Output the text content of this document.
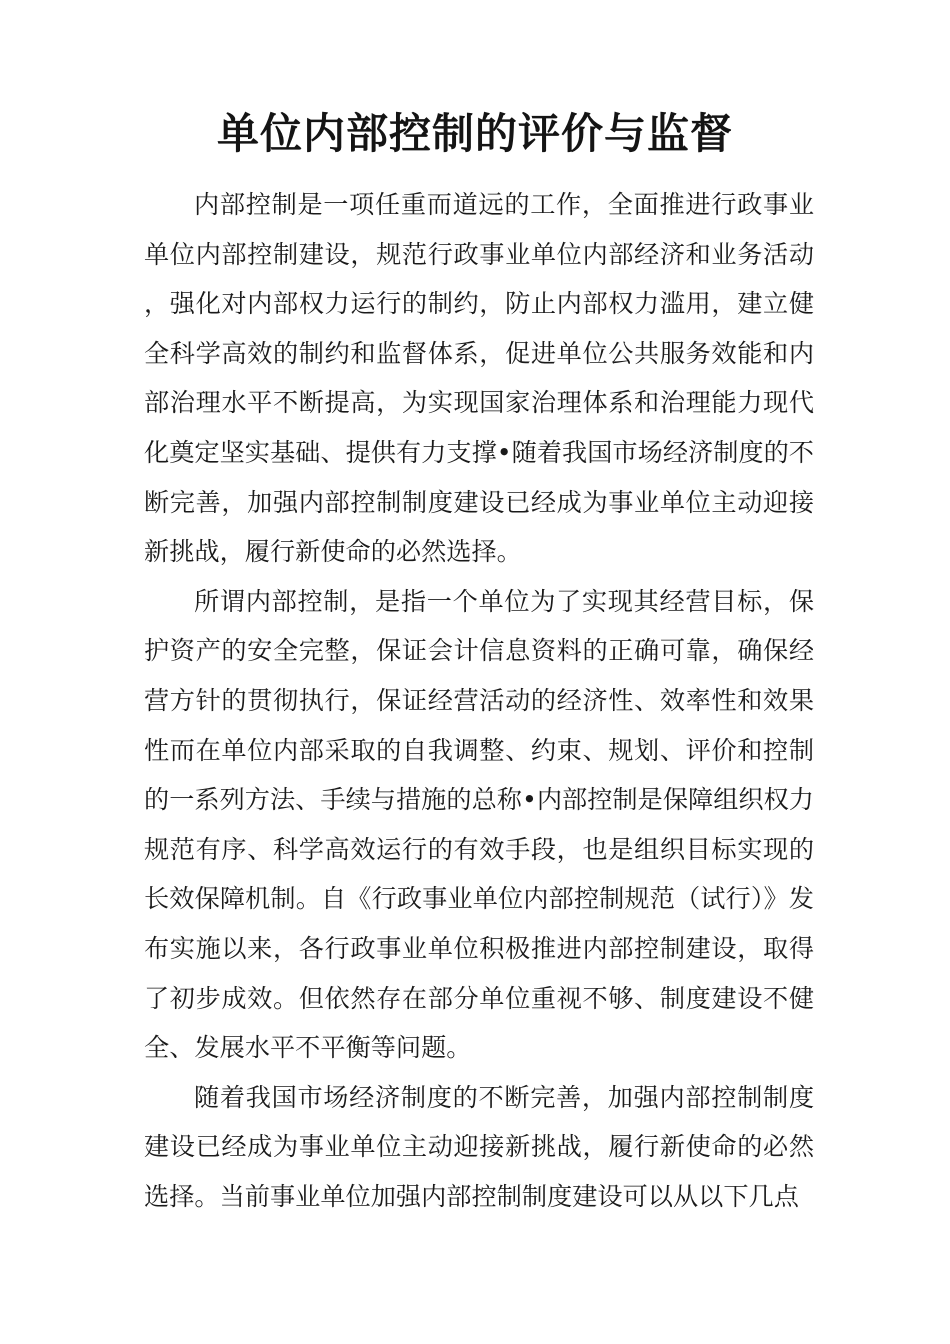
单位内部控制的评价与监督

内部控制是一项任重而道远的工作，全面推进行政事业单位内部控制建设，规范行政事业单位内部经济和业务活动，强化对内部权力运行的制约，防止内部权力滥用，建立健全科学高效的制约和监督体系，促进单位公共服务效能和内部治理水平不断提高，为实现国家治理体系和治理能力现代化奠定坚实基础、提供有力支撑•随着我国市场经济制度的不断完善，加强内部控制制度建设已经成为事业单位主动迎接新挑战，履行新使命的必然选择。

所谓内部控制，是指一个单位为了实现其经营目标，保护资产的安全完整，保证会计信息资料的正确可靠，确保经营方针的贯彻执行，保证经营活动的经济性、效率性和效果性而在单位内部采取的自我调整、约束、规划、评价和控制的一系列方法、手续与措施的总称•内部控制是保障组织权力规范有序、科学高效运行的有效手段，也是组织目标实现的长效保障机制。自《行政事业单位内部控制规范（试行）》发布实施以来，各行政事业单位积极推进内部控制建设，取得了初步成效。但依然存在部分单位重视不够、制度建设不健全、发展水平不平衡等问题。

随着我国市场经济制度的不断完善，加强内部控制制度建设已经成为事业单位主动迎接新挑战，履行新使命的必然选择。当前事业单位加强内部控制制度建设可以从以下几点
